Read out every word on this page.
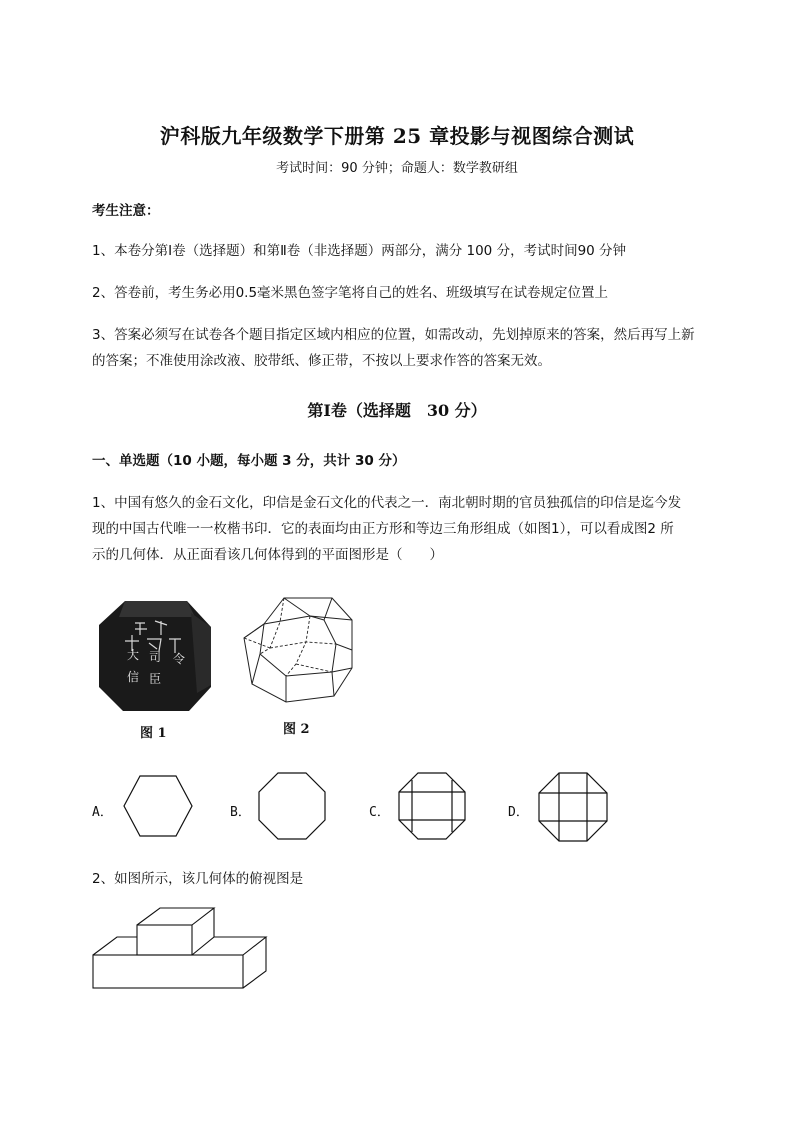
沪科版九年级数学下册第 25 章投影与视图综合测试
考试时间：90 分钟；命题人：数学教研组
考生注意：
1、本卷分第Ⅰ卷（选择题）和第Ⅱ卷（非选择题）两部分，满分 100 分，考试时间90 分钟
2、答卷前，考生务必用0.5毫米黑色签字笔将自己的姓名、班级填写在试卷规定位置上
3、答案必须写在试卷各个题目指定区域内相应的位置，如需改动，先划掉原来的答案，然后再写上新
的答案；不准使用涂改液、胶带纸、修正带，不按以上要求作答的答案无效。
第Ⅰ卷（选择题　30 分）
一、单选题（10 小题，每小题 3 分，共计 30 分）
1、中国有悠久的金石文化，印信是金石文化的代表之一．南北朝时期的官员独孤信的印信是迄今发
现的中国古代唯一一枚楷书印．它的表面均由正方形和等边三角形组成（如图1），可以看成图2 所
示的几何体．从正面看该几何体得到的平面图形是（　　）
大 司 令
信 臣
图 1	图 2
A．	B．	C．	D．
2、如图所示，该几何体的俯视图是
